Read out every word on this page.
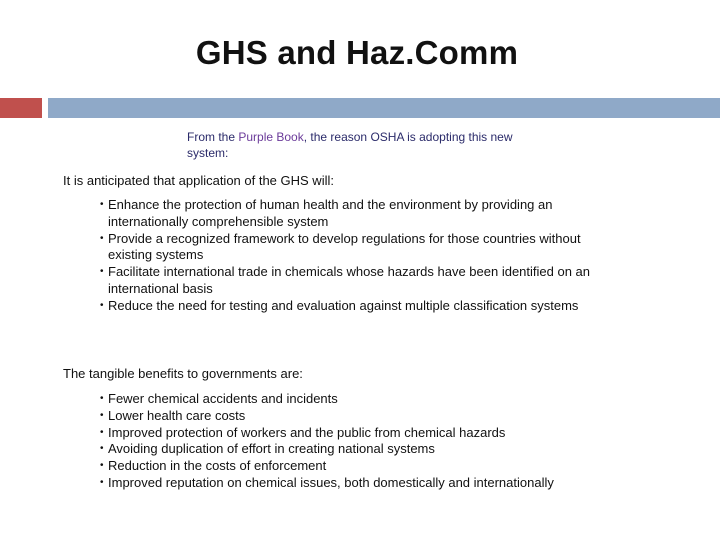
GHS and Haz.Comm
From the Purple Book, the reason OSHA is adopting this new system:
It is anticipated that application of the GHS will:
• Enhance the protection of human health and the environment by providing an internationally comprehensible system
• Provide a recognized framework to develop regulations for those countries without existing systems
• Facilitate international trade in chemicals whose hazards have been identified on an international basis
• Reduce the need for testing and evaluation against multiple classification systems
The tangible benefits to governments are:
• Fewer chemical accidents and incidents
• Lower health care costs
• Improved protection of workers and the public from chemical hazards
• Avoiding duplication of effort in creating national systems
• Reduction in the costs of enforcement
• Improved reputation on chemical issues, both domestically and internationally
